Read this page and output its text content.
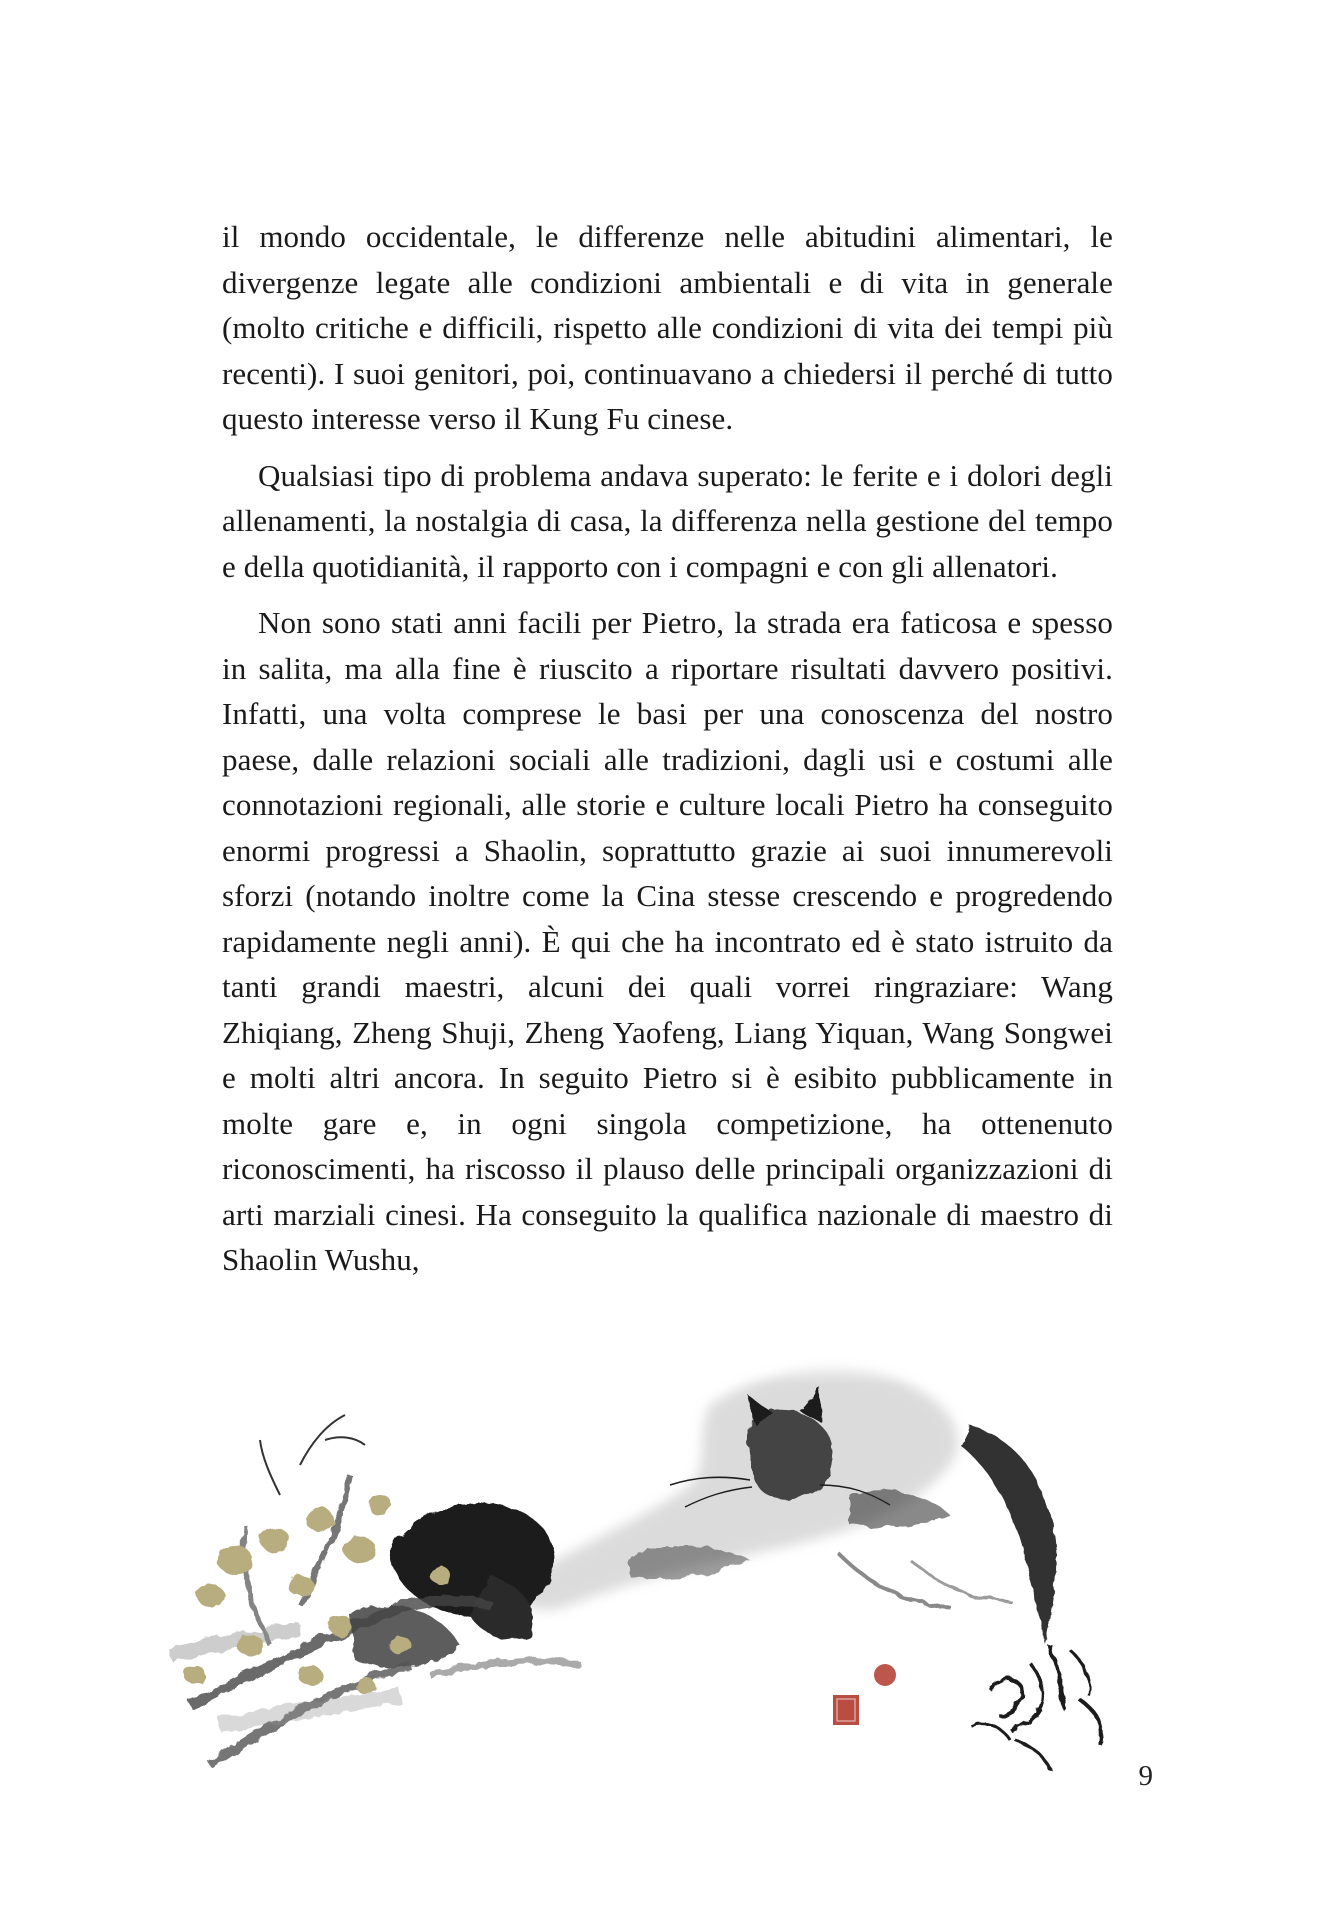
il mondo occidentale, le differenze nelle abitudini alimentari, le divergenze legate alle condizioni ambientali e di vita in generale (molto critiche e difficili, rispetto alle condizioni di vita dei tempi più recenti). I suoi genitori, poi, continuavano a chiedersi il perché di tutto questo interesse verso il Kung Fu cinese.

Qualsiasi tipo di problema andava superato: le ferite e i dolori degli allenamenti, la nostalgia di casa, la differenza nella gestione del tempo e della quotidianità, il rapporto con i compagni e con gli allenatori.

Non sono stati anni facili per Pietro, la strada era faticosa e spesso in salita, ma alla fine è riuscito a riportare risultati davvero positivi. Infatti, una volta comprese le basi per una conoscenza del nostro paese, dalle relazioni sociali alle tradizioni, dagli usi e costumi alle connotazioni regionali, alle storie e culture locali Pietro ha conseguito enormi progressi a Shaolin, soprattutto grazie ai suoi innumerevoli sforzi (notando inoltre come la Cina stesse crescendo e progredendo rapidamente negli anni). È qui che ha incontrato ed è stato istruito da tanti grandi maestri, alcuni dei quali vorrei ringraziare: Wang Zhiqiang, Zheng Shuji, Zheng Yaofeng, Liang Yiquan, Wang Songwei e molti altri ancora. In seguito Pietro si è esibito pubblicamente in molte gare e, in ogni singola competizione, ha ottenenuto riconoscimenti, ha riscosso il plauso delle principali organizzazioni di arti marziali cinesi. Ha conseguito la qualifica nazionale di maestro di Shaolin Wushu,

9
